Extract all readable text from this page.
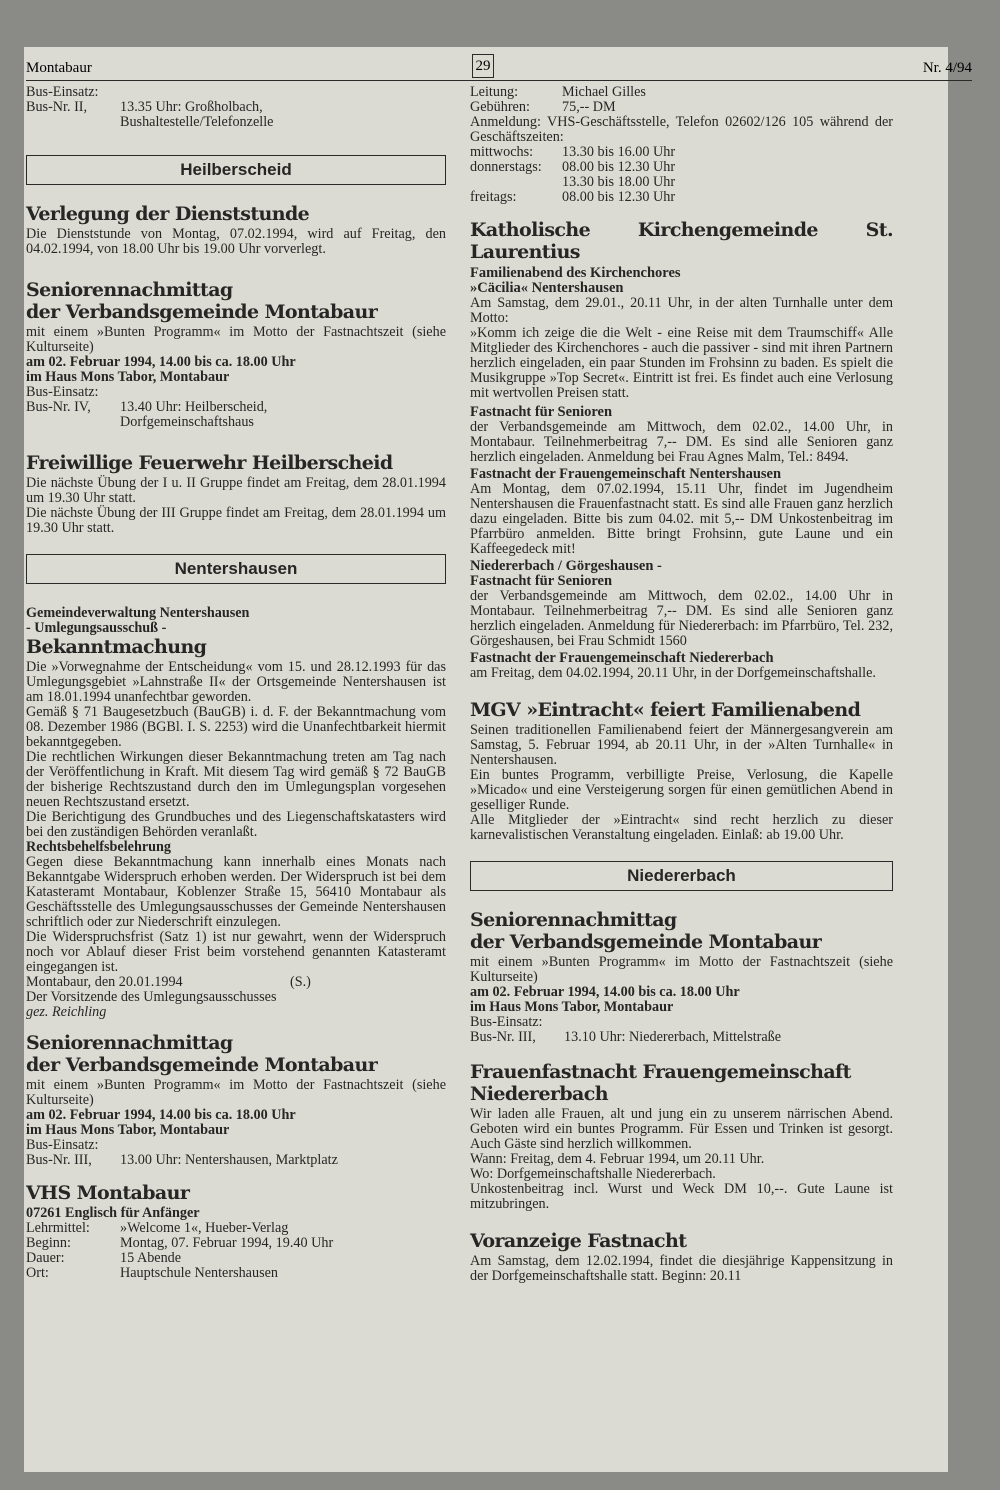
Montabaur	29	Nr. 4/94

Bus-Einsatz:

Bus-Nr. II,	13.35 Uhr: Großholbach,
Bushaltestelle/Telefonzelle
Heilberscheid

Verlegung der Dienststunde

Die Dienststunde von Montag, 07.02.1994, wird auf Freitag, den 04.02.1994, von 18.00 Uhr bis 19.00 Uhr vorverlegt.

Seniorennachmittag

der Verbandsgemeinde Montabaur

mit einem »Bunten Programm« im Motto der Fastnachtszeit (siehe Kulturseite)

am 02. Februar 1994, 14.00 bis ca. 18.00 Uhr

im Haus Mons Tabor, Montabaur

Bus-Einsatz:

Bus-Nr. IV,	13.40 Uhr: Heilberscheid,
Dorfgemeinschaftshaus

Freiwillige Feuerwehr Heilberscheid

Die nächste Übung der I u. II Gruppe findet am Freitag, dem 28.01.1994 um 19.30 Uhr statt.

Die nächste Übung der III Gruppe findet am Freitag, dem 28.01.1994 um 19.30 Uhr statt.

Nentershausen

Gemeindeverwaltung Nentershausen

- Umlegungsausschuß -

Bekanntmachung

Die »Vorwegnahme der Entscheidung« vom 15. und 28.12.1993 für das Umlegungsgebiet »Lahnstraße II« der Ortsgemeinde Nentershausen ist am 18.01.1994 unanfechtbar geworden.

Gemäß § 71 Baugesetzbuch (BauGB) i. d. F. der Bekanntmachung vom 08. Dezember 1986 (BGBl. I. S. 2253) wird die Unanfechtbarkeit hiermit bekanntgegeben.

Die rechtlichen Wirkungen dieser Bekanntmachung treten am Tag nach der Veröffentlichung in Kraft. Mit diesem Tag wird gemäß § 72 BauGB der bisherige Rechtszustand durch den im Umlegungsplan vorgesehen neuen Rechtszustand ersetzt.

Die Berichtigung des Grundbuches und des Liegenschaftskatasters wird bei den zuständigen Behörden veranlaßt.

Rechtsbehelfsbelehrung

Gegen diese Bekanntmachung kann innerhalb eines Monats nach Bekanntgabe Widerspruch erhoben werden. Der Widerspruch ist bei dem Katasteramt Montabaur, Koblenzer Straße 15, 56410 Montabaur als Geschäftsstelle des Umlegungsausschusses der Gemeinde Nentershausen schriftlich oder zur Niederschrift einzulegen.

Die Widerspruchsfrist (Satz 1) ist nur gewahrt, wenn der Widerspruch noch vor Ablauf dieser Frist beim vorstehend genannten Katasteramt eingegangen ist.

Montabaur, den 20.01.1994	(S.)

Der Vorsitzende des Umlegungsausschusses

gez. Reichling

Seniorennachmittag

der Verbandsgemeinde Montabaur

mit einem »Bunten Programm« im Motto der Fastnachtszeit (siehe Kulturseite)

am 02. Februar 1994, 14.00 bis ca. 18.00 Uhr

im Haus Mons Tabor, Montabaur

Bus-Einsatz:

Bus-Nr. III,	13.00 Uhr: Nentershausen, Marktplatz

VHS Montabaur

07261 Englisch für Anfänger

Lehrmittel:	»Welcome 1«, Hueber-Verlag
Beginn:	Montag, 07. Februar 1994, 19.40 Uhr
Dauer:	15 Abende
Ort:	Hauptschule Nentershausen
Leitung:	Michael Gilles
Gebühren:	75,-- DM

Anmeldung: VHS-Geschäftsstelle, Telefon 02602/126 105 während der Geschäftszeiten:

mittwochs:	13.30 bis 16.00 Uhr
donnerstags:	08.00 bis 12.30 Uhr
13.30 bis 18.00 Uhr
freitags:	08.00 bis 12.30 Uhr

Katholische Kirchengemeinde St. Laurentius

Familienabend des Kirchenchores

»Cäcilia« Nentershausen

Am Samstag, dem 29.01., 20.11 Uhr, in der alten Turnhalle unter dem Motto:

»Komm ich zeige die die Welt - eine Reise mit dem Traumschiff« Alle Mitglieder des Kirchenchores - auch die passiver - sind mit ihren Partnern herzlich eingeladen, ein paar Stunden im Frohsinn zu baden. Es spielt die Musikgruppe »Top Secret«. Eintritt ist frei. Es findet auch eine Verlosung mit wertvollen Preisen statt.

Fastnacht für Senioren

der Verbandsgemeinde am Mittwoch, dem 02.02., 14.00 Uhr, in Montabaur. Teilnehmerbeitrag 7,-- DM. Es sind alle Senioren ganz herzlich eingeladen. Anmeldung bei Frau Agnes Malm, Tel.: 8494.

Fastnacht der Frauengemeinschaft Nentershausen

Am Montag, dem 07.02.1994, 15.11 Uhr, findet im Jugendheim Nentershausen die Frauenfastnacht statt. Es sind alle Frauen ganz herzlich dazu eingeladen. Bitte bis zum 04.02. mit 5,-- DM Unkostenbeitrag im Pfarrbüro anmelden. Bitte bringt Frohsinn, gute Laune und ein Kaffeegedeck mit!

Niedererbach / Görgeshausen -

Fastnacht für Senioren

der Verbandsgemeinde am Mittwoch, dem 02.02., 14.00 Uhr in Montabaur. Teilnehmerbeitrag 7,-- DM. Es sind alle Senioren ganz herzlich eingeladen. Anmeldung für Niedererbach: im Pfarrbüro, Tel. 232, Görgeshausen, bei Frau Schmidt 1560

Fastnacht der Frauengemeinschaft Niedererbach

am Freitag, dem 04.02.1994, 20.11 Uhr, in der Dorfgemeinschaftshalle.

MGV »Eintracht« feiert Familienabend

Seinen traditionellen Familienabend feiert der Männergesangverein am Samstag, 5. Februar 1994, ab 20.11 Uhr, in der »Alten Turnhalle« in Nentershausen.

Ein buntes Programm, verbilligte Preise, Verlosung, die Kapelle »Micado« und eine Versteigerung sorgen für einen gemütlichen Abend in geselliger Runde.

Alle Mitglieder der »Eintracht« sind recht herzlich zu dieser karnevalistischen Veranstaltung eingeladen. Einlaß: ab 19.00 Uhr.

Niedererbach

Seniorennachmittag

der Verbandsgemeinde Montabaur

mit einem »Bunten Programm« im Motto der Fastnachtszeit (siehe Kulturseite)

am 02. Februar 1994, 14.00 bis ca. 18.00 Uhr

im Haus Mons Tabor, Montabaur

Bus-Einsatz:

Bus-Nr. III,	13.10 Uhr: Niedererbach, Mittelstraße

Frauenfastnacht Frauengemeinschaft

Niedererbach

Wir laden alle Frauen, alt und jung ein zu unserem närrischen Abend. Geboten wird ein buntes Programm. Für Essen und Trinken ist gesorgt. Auch Gäste sind herzlich willkommen.

Wann: Freitag, dem 4. Februar 1994, um 20.11 Uhr.

Wo: Dorfgemeinschaftshalle Niedererbach.

Unkostenbeitrag incl. Wurst und Weck DM 10,--. Gute Laune ist mitzubringen.

Voranzeige Fastnacht

Am Samstag, dem 12.02.1994, findet die diesjährige Kappensitzung in der Dorfgemeinschaftshalle statt. Beginn: 20.11
